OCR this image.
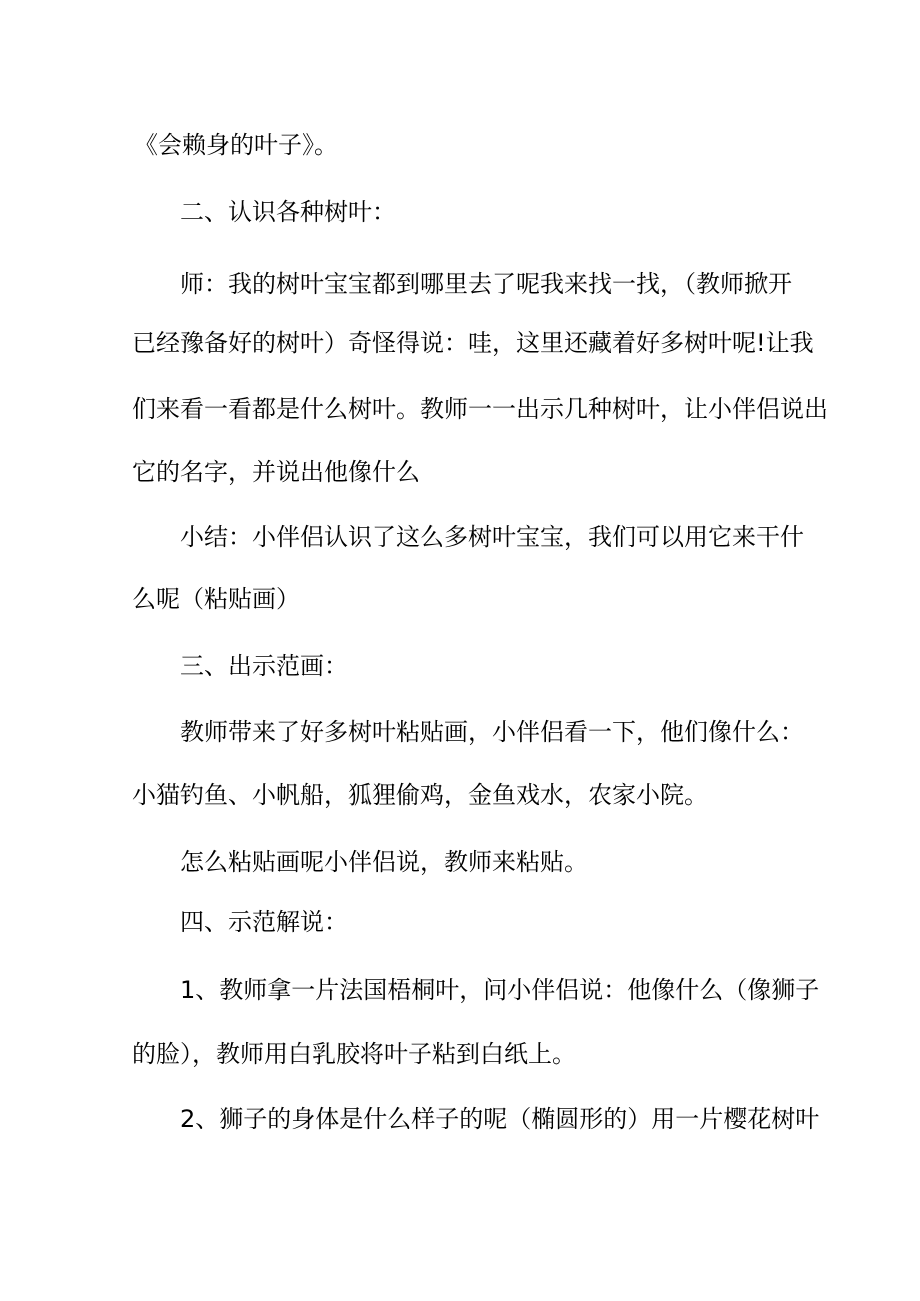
《会赖身的叶子》。
二、认识各种树叶：
师：我的树叶宝宝都到哪里去了呢我来找一找，（教师掀开
已经豫备好的树叶）奇怪得说：哇，这里还藏着好多树叶呢!让我
们来看一看都是什么树叶。教师一一出示几种树叶，让小伴侣说出
它的名字，并说出他像什么
小结：小伴侣认识了这么多树叶宝宝，我们可以用它来干什
么呢（粘贴画）
三、出示范画：
教师带来了好多树叶粘贴画，小伴侣看一下，他们像什么：
小猫钓鱼、小帆船，狐狸偷鸡，金鱼戏水，农家小院。
怎么粘贴画呢小伴侣说，教师来粘贴。
四、示范解说：
1、教师拿一片法国梧桐叶，问小伴侣说：他像什么（像狮子
的脸），教师用白乳胶将叶子粘到白纸上。
2、狮子的身体是什么样子的呢（椭圆形的）用一片樱花树叶
